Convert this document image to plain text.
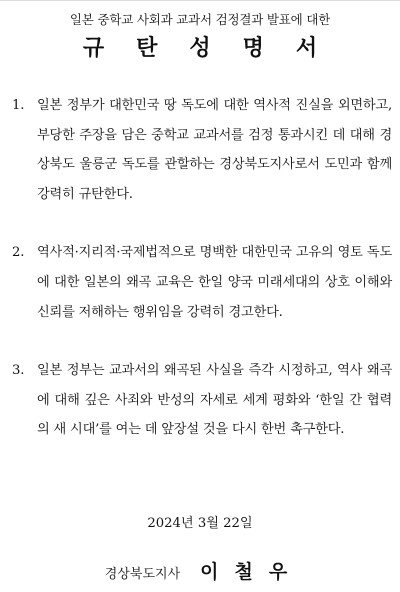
일본 중학교 사회과 교과서 검정결과 발표에 대한
규 탄 성 명 서
1. 일본 정부가 대한민국 땅 독도에 대한 역사적 진실을 외면하고, 부당한 주장을 담은 중학교 교과서를 검정 통과시킨 데 대해 경상북도 울릉군 독도를 관할하는 경상북도지사로서 도민과 함께 강력히 규탄한다.
2. 역사적·지리적·국제법적으로 명백한 대한민국 고유의 영토 독도에 대한 일본의 왜곡 교육은 한일 양국 미래세대의 상호 이해와 신뢰를 저해하는 행위임을 강력히 경고한다.
3. 일본 정부는 교과서의 왜곡된 사실을 즉각 시정하고, 역사 왜곡에 대해 깊은 사죄와 반성의 자세로 세계 평화와 ‘한일 간 협력의 새 시대’를 여는 데 앞장설 것을 다시 한번 촉구한다.
2024년 3월 22일
경상북도지사 이 철 우
